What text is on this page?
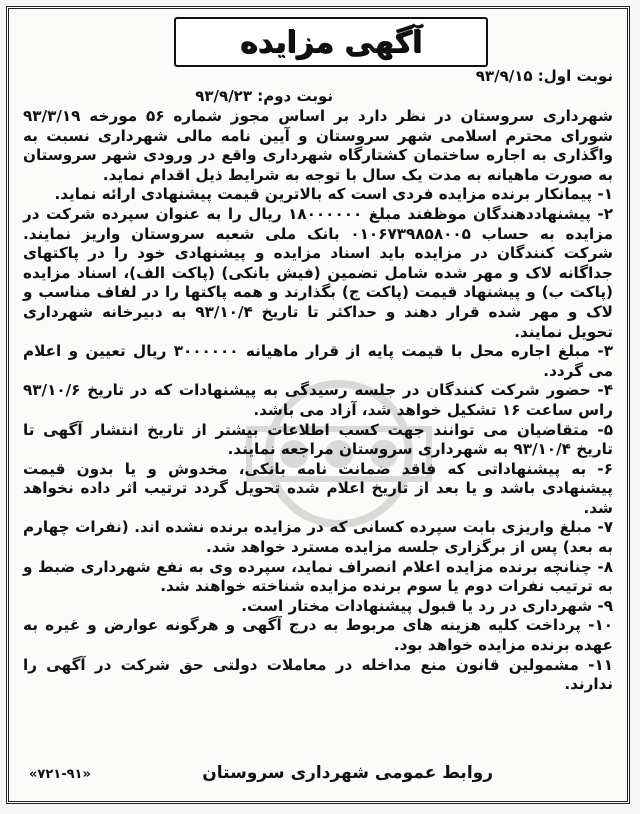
آگهی مزایده
نوبت اول: ۹۳/۹/۱۵
نوبت دوم: ۹۳/۹/۲۳

شهرداری سروستان در نظر دارد بر اساس مجوز شماره ۵۶ مورخه ۹۳/۳/۱۹ شورای محترم اسلامی شهر سروستان و آیین نامه مالی شهرداری نسبت به واگذاری به اجاره ساختمان کشتارگاه شهرداری واقع در ورودی شهر سروستان به صورت ماهیانه به مدت یک سال با توجه به شرایط ذیل اقدام نماید.

۱- پیمانکار برنده مزایده فردی است که بالاترین قیمت پیشنهادی ارائه نماید.

۲- پیشنهاددهندگان موظفند مبلغ ۱۸۰۰۰۰۰۰ ریال را به عنوان سپرده شرکت در مزایده به حساب ۰۱۰۶۷۳۹۸۵۸۰۰۵ بانک ملی شعبه سروستان واریز نمایند. شرکت کنندگان در مزایده باید اسناد مزایده و پیشنهادی خود را در پاکتهای جداگانه لاک و مهر شده شامل تضمین (فیش بانکی) (پاکت الف)، اسناد مزایده (پاکت ب) و پیشنهاد قیمت (پاکت ج) بگذارند و همه پاکتها را در لفاف مناسب و لاک و مهر شده قرار دهند و حداکثر تا تاریخ ۹۳/۱۰/۴ به دبیرخانه شهرداری تحویل نمایند.

۳- مبلغ اجاره محل با قیمت پایه از قرار ماهیانه ۳۰۰۰۰۰۰ ریال تعیین و اعلام می گردد.

۴- حضور شرکت کنندگان در جلسه رسیدگی به پیشنهادات که در تاریخ ۹۳/۱۰/۶ راس ساعت ۱۶ تشکیل خواهد شد، آزاد می باشد.

۵- متقاضیان می توانند جهت کسب اطلاعات بیشتر از تاریخ انتشار آگهی تا تاریخ ۹۳/۱۰/۴ به شهرداری سروستان مراجعه نمایند.

۶- به پیشنهاداتی که فاقد ضمانت نامه بانکی، مخدوش و یا بدون قیمت پیشنهادی باشد و یا بعد از تاریخ اعلام شده تحویل گردد ترتیب اثر داده نخواهد شد.

۷- مبلغ واریزی بابت سپرده کسانی که در مزایده برنده نشده اند. (نفرات چهارم به بعد) پس از برگزاری جلسه مزایده مسترد خواهد شد.

۸- چنانچه برنده مزایده اعلام انصراف نماید، سپرده وی به نفع شهرداری ضبط و به ترتیب نفرات دوم یا سوم برنده مزایده شناخته خواهند شد.

۹- شهرداری در رد یا قبول پیشنهادات مختار است.

۱۰- پرداخت کلیه هزینه های مربوط به درج آگهی و هرگونه عوارض و غیره به عهده برنده مزایده خواهد بود.

۱۱- مشمولین قانون منع مداخله در معاملات دولتی حق شرکت در آگهی را ندارند.

روابط عمومی شهرداری سروستان
«۷۲۱-۹۱»
